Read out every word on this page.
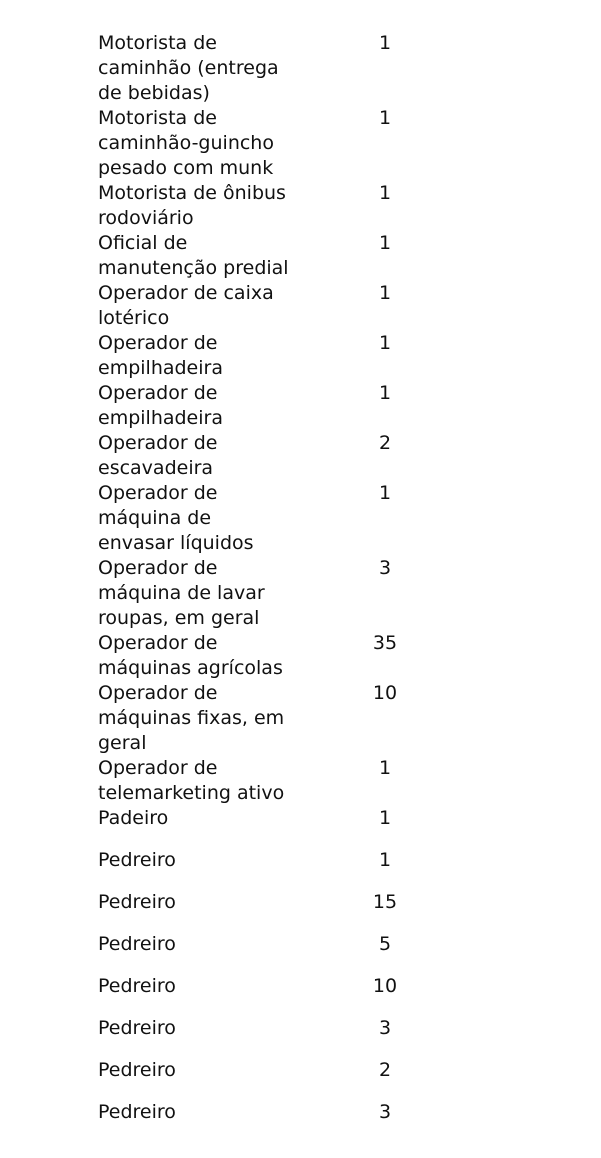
Motorista de
caminhão (entrega
de bebidas)
1
Motorista de
caminhão-guincho
pesado com munk
1
Motorista de ônibus
rodoviário
1
Oficial de
manutenção predial
1
Operador de caixa
lotérico
1
Operador de
empilhadeira
1
Operador de
empilhadeira
1
Operador de
escavadeira
2
Operador de
máquina de
envasar líquidos
1
Operador de
máquina de lavar
roupas, em geral
3
Operador de
máquinas agrícolas
35
Operador de
máquinas fixas, em
geral
10
Operador de
telemarketing ativo
1
Padeiro	1
Pedreiro	1
Pedreiro	15
Pedreiro	5
Pedreiro	10
Pedreiro	3
Pedreiro	2
Pedreiro	3
